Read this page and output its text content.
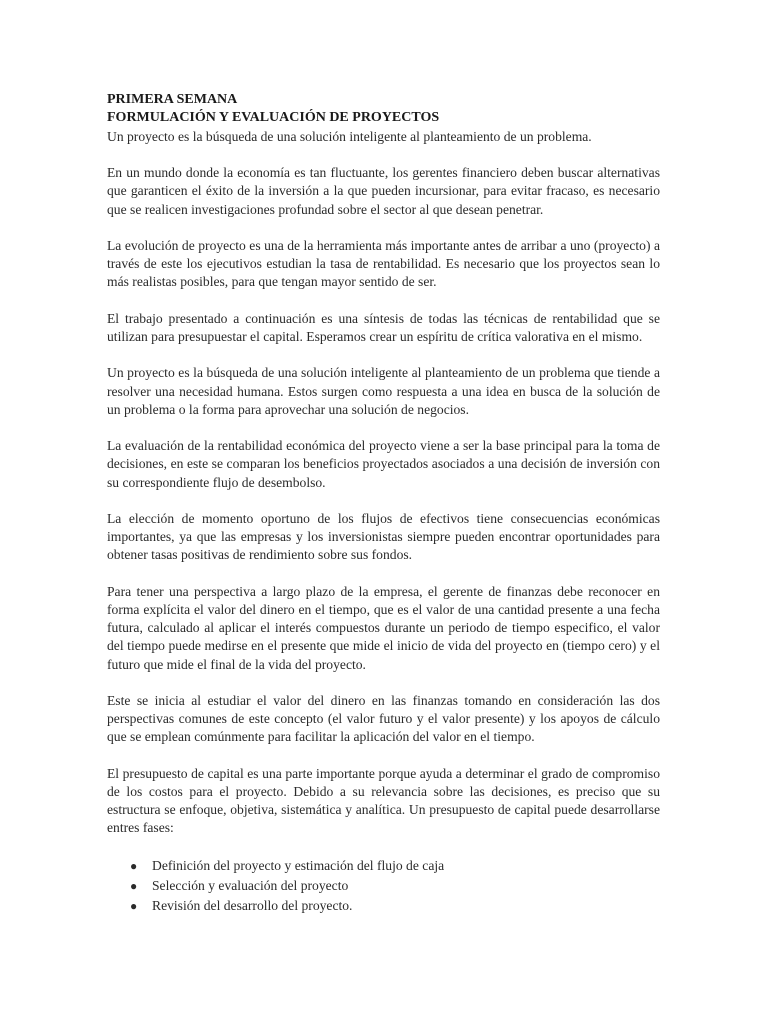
PRIMERA SEMANA
FORMULACIÓN Y EVALUACIÓN DE PROYECTOS

Un proyecto es la búsqueda de una solución inteligente al planteamiento de un problema.

En un mundo donde la economía es tan fluctuante, los gerentes financiero deben buscar alternativas que garanticen el éxito de la inversión a la que pueden incursionar, para evitar fracaso, es necesario que se realicen investigaciones profundad sobre el sector al que desean penetrar.

La evolución de proyecto es una de la herramienta más importante antes de arribar a uno (proyecto) a través de este los ejecutivos estudian la tasa de rentabilidad. Es necesario que los proyectos sean lo más realistas posibles, para que tengan mayor sentido de ser.

El trabajo presentado a continuación es una síntesis de todas las técnicas de rentabilidad que se utilizan para presupuestar el capital. Esperamos crear un espíritu de crítica valorativa en el mismo.

Un proyecto es la búsqueda de una solución inteligente al planteamiento de un problema que tiende a resolver una necesidad humana. Estos surgen como respuesta a una idea en busca de la solución de un problema o la forma para aprovechar una solución de negocios.

La evaluación de la rentabilidad económica del proyecto viene a ser la base principal para la toma de decisiones, en este se comparan los beneficios proyectados asociados a una decisión de inversión con su correspondiente flujo de desembolso.

La elección de momento oportuno de los flujos de efectivos tiene consecuencias económicas importantes, ya que las empresas y los inversionistas siempre pueden encontrar oportunidades para obtener tasas positivas de rendimiento sobre sus fondos.

Para tener una perspectiva a largo plazo de la empresa, el gerente de finanzas debe reconocer en forma explícita el valor del dinero en el tiempo, que es el valor de una cantidad presente a una fecha futura, calculado al aplicar el interés compuestos durante un periodo de tiempo especifico, el valor del tiempo puede medirse en el presente que mide el inicio de vida del proyecto en (tiempo cero) y el futuro que mide el final de la vida del proyecto.

Este se inicia al estudiar el valor del dinero en las finanzas tomando en consideración las dos perspectivas comunes de este concepto (el valor futuro y el valor presente) y los apoyos de cálculo que se emplean comúnmente para facilitar la aplicación del valor en el tiempo.

El presupuesto de capital es una parte importante porque ayuda a determinar el grado de compromiso de los costos para el proyecto. Debido a su relevancia sobre las decisiones, es preciso que su estructura se enfoque, objetiva, sistemática y analítica. Un presupuesto de capital puede desarrollarse entres fases:

● Definición del proyecto y estimación del flujo de caja
● Selección y evaluación del proyecto
● Revisión del desarrollo del proyecto.
